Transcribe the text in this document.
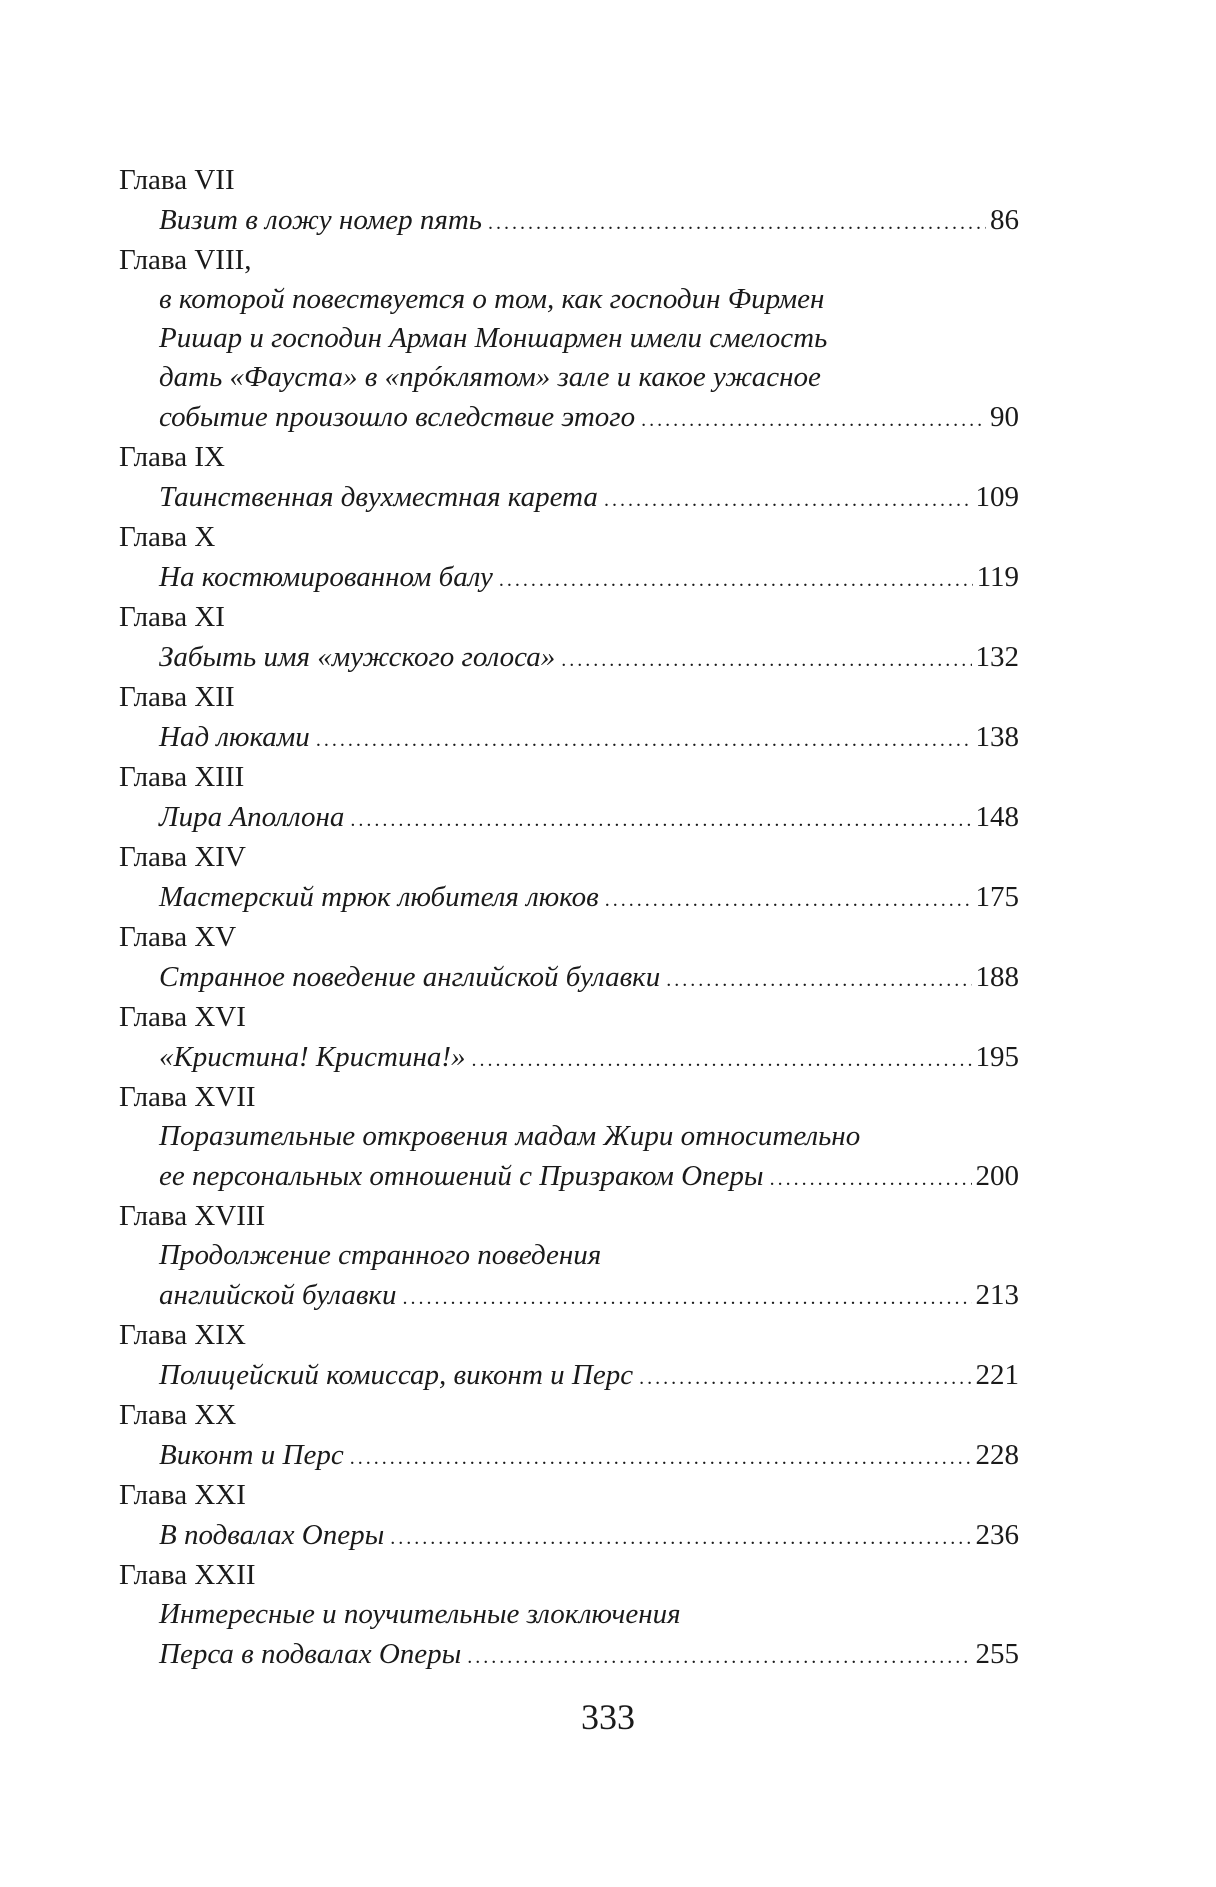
Глава VII
Визит в ложу номер пять . . .	86
Глава VIII,
в которой повествуется о том, как господин Фирмен
Ришар и господин Арман Моншармен имели смелость
дать «Фауста» в «прóклятом» зале и какое ужасное
событие произошло вследствие этого . . .	90
Глава IX
Таинственная двухместная карета . . .	109
Глава X
На костюмированном балу . . .	119
Глава XI
Забыть имя «мужского голоса» . . .	132
Глава XII
Над люками . . .	138
Глава XIII
Лира Аполлона . . .	148
Глава XIV
Мастерский трюк любителя люков . . .	175
Глава XV
Странное поведение английской булавки . . .	188
Глава XVI
«Кристина! Кристина!» . . .	195
Глава XVII
Поразительные откровения мадам Жири относительно
ее персональных отношений с Призраком Оперы . . .	200
Глава XVIII
Продолжение странного поведения
английской булавки . . .	213
Глава XIX
Полицейский комиссар, виконт и Перс . . .	221
Глава XX
Виконт и Перс . . .	228
Глава XXI
В подвалах Оперы . . .	236
Глава XXII
Интересные и поучительные злоключения
Перса в подвалах Оперы . . .	255
333
